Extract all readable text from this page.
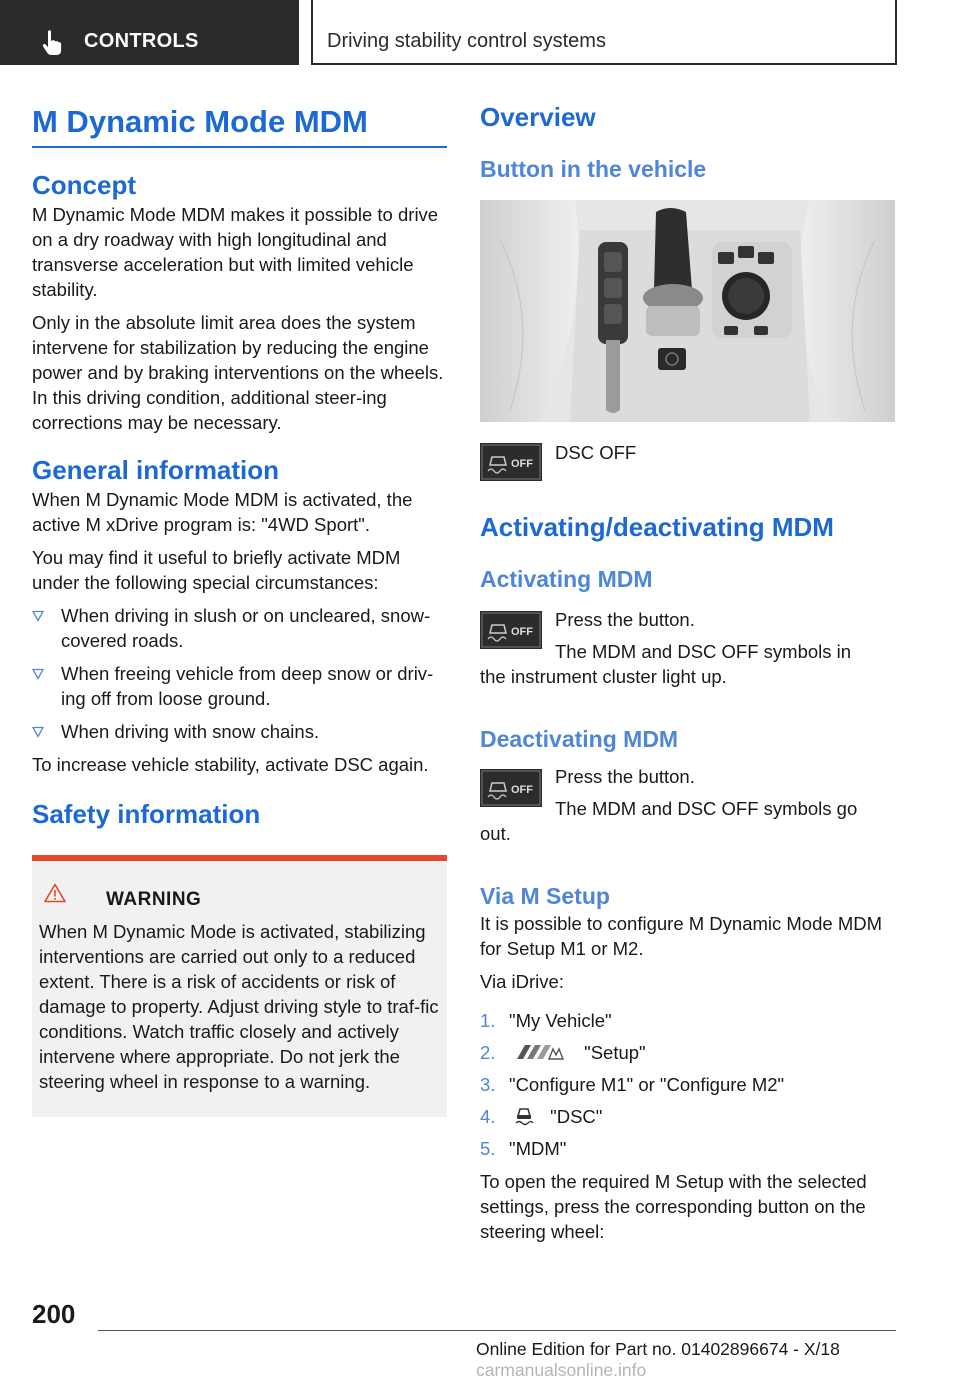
CONTROLS	Driving stability control systems
M Dynamic Mode MDM
Concept

M Dynamic Mode MDM makes it possible to drive on a dry roadway with high longitudinal and transverse acceleration but with limited vehicle stability.

Only in the absolute limit area does the system intervene for stabilization by reducing the engine power and by braking interventions on the wheels. In this driving condition, additional steer-ing corrections may be necessary.

General information

When M Dynamic Mode MDM is activated, the active M xDrive program is: "4WD Sport".

You may find it useful to briefly activate MDM under the following special circumstances:

When driving in slush or on uncleared, snow-covered roads.
When freeing vehicle from deep snow or driv-ing off from loose ground.
When driving with snow chains.

To increase vehicle stability, activate DSC again.

Safety information
WARNING
When M Dynamic Mode is activated, stabilizing interventions are carried out only to a reduced extent. There is a risk of accidents or risk of damage to property. Adjust driving style to traf-fic conditions. Watch traffic closely and actively intervene where appropriate. Do not jerk the steering wheel in response to a warning.
Overview
Button in the vehicle
OFF

DSC OFF

Activating/deactivating MDM
Activating MDM
OFF

Press the button.

The MDM and DSC OFF symbols in

the instrument cluster light up.

Deactivating MDM
OFF

Press the button.

The MDM and DSC OFF symbols go

out.

Via M Setup

It is possible to configure M Dynamic Mode MDM for Setup M1 or M2.

Via iDrive:

1. "My Vehicle"
2.	"Setup"
3. "Configure M1" or "Configure M2"
4.	"DSC"
5. "MDM"

To open the required M Setup with the selected settings, press the corresponding button on the steering wheel:

200
Online Edition for Part no. 01402896674 - X/18 carmanualsonline.info
